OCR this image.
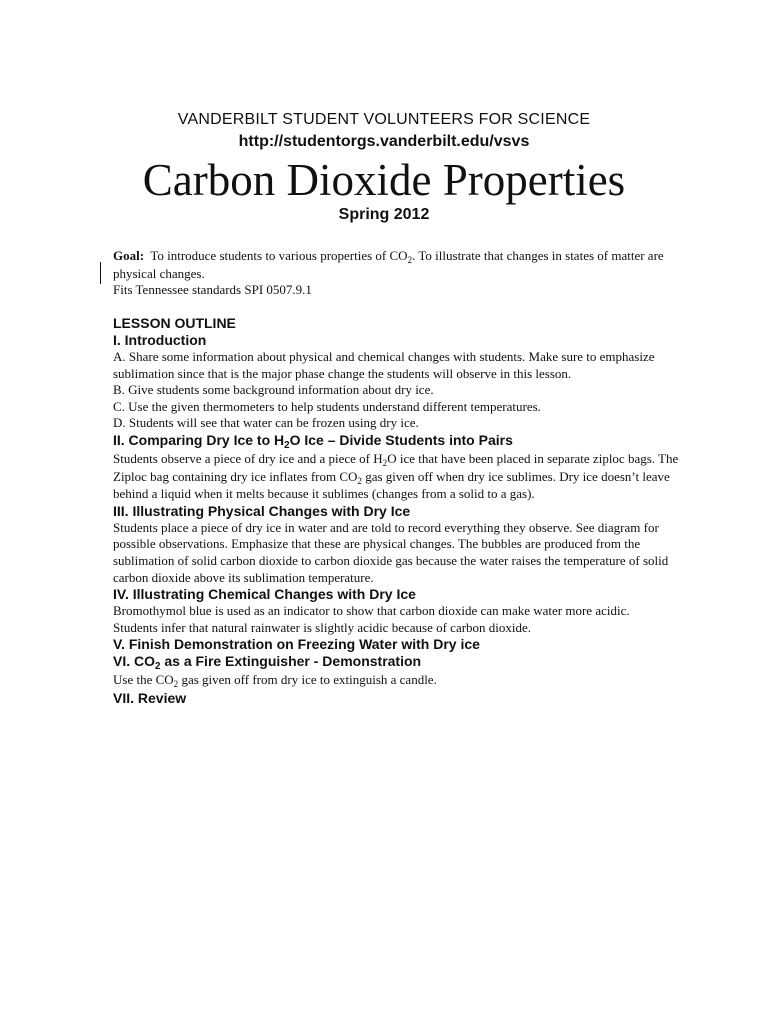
VANDERBILT STUDENT VOLUNTEERS FOR SCIENCE
http://studentorgs.vanderbilt.edu/vsvs
Carbon Dioxide Properties
Spring 2012
Goal: To introduce students to various properties of $CO_2$. To illustrate that changes in states of matter are physical changes.
Fits Tennessee standards SPI 0507.9.1

LESSON OUTLINE

I. Introduction

A. Share some information about physical and chemical changes with students. Make sure to emphasize sublimation since that is the major phase change the students will observe in this lesson.

B. Give students some background information about dry ice.

C. Use the given thermometers to help students understand different temperatures.

D. Students will see that water can be frozen using dry ice.

II. Comparing Dry Ice to $H_2O$ Ice – Divide Students into Pairs

Students observe a piece of dry ice and a piece of $H_2O$ ice that have been placed in separate ziploc bags. The Ziploc bag containing dry ice inflates from $CO_2$ gas given off when dry ice sublimes. Dry ice doesn’t leave behind a liquid when it melts because it sublimes (changes from a solid to a gas).

III. Illustrating Physical Changes with Dry Ice

Students place a piece of dry ice in water and are told to record everything they observe. See diagram for possible observations. Emphasize that these are physical changes. The bubbles are produced from the sublimation of solid carbon dioxide to carbon dioxide gas because the water raises the temperature of solid carbon dioxide above its sublimation temperature.

IV. Illustrating Chemical Changes with Dry Ice

Bromothymol blue is used as an indicator to show that carbon dioxide can make water more acidic.

Students infer that natural rainwater is slightly acidic because of carbon dioxide.

V. Finish Demonstration on Freezing Water with Dry ice

VI. $CO_2$ as a Fire Extinguisher - Demonstration

Use the $CO_2$ gas given off from dry ice to extinguish a candle.

VII. Review
